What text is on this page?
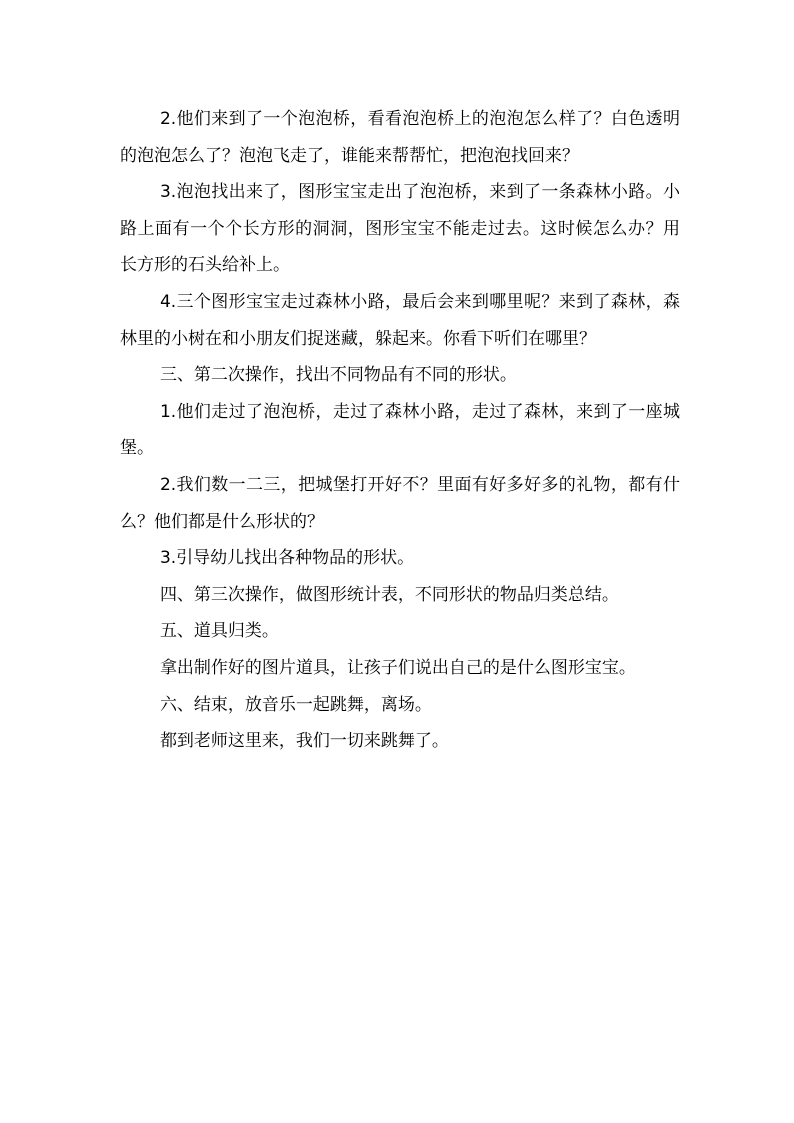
2.他们来到了一个泡泡桥，看看泡泡桥上的泡泡怎么样了？白色透明的泡泡怎么了？泡泡飞走了，谁能来帮帮忙，把泡泡找回来？

3.泡泡找出来了，图形宝宝走出了泡泡桥，来到了一条森林小路。小路上面有一个个长方形的洞洞，图形宝宝不能走过去。这时候怎么办？用长方形的石头给补上。

4.三个图形宝宝走过森林小路，最后会来到哪里呢？来到了森林，森林里的小树在和小朋友们捉迷藏，躲起来。你看下听们在哪里？

三、第二次操作，找出不同物品有不同的形状。

1.他们走过了泡泡桥，走过了森林小路，走过了森林，来到了一座城堡。

2.我们数一二三，把城堡打开好不？里面有好多好多的礼物，都有什么？他们都是什么形状的？

3.引导幼儿找出各种物品的形状。

四、第三次操作，做图形统计表，不同形状的物品归类总结。

五、道具归类。

拿出制作好的图片道具，让孩子们说出自己的是什么图形宝宝。

六、结束，放音乐一起跳舞，离场。

都到老师这里来，我们一切来跳舞了。
